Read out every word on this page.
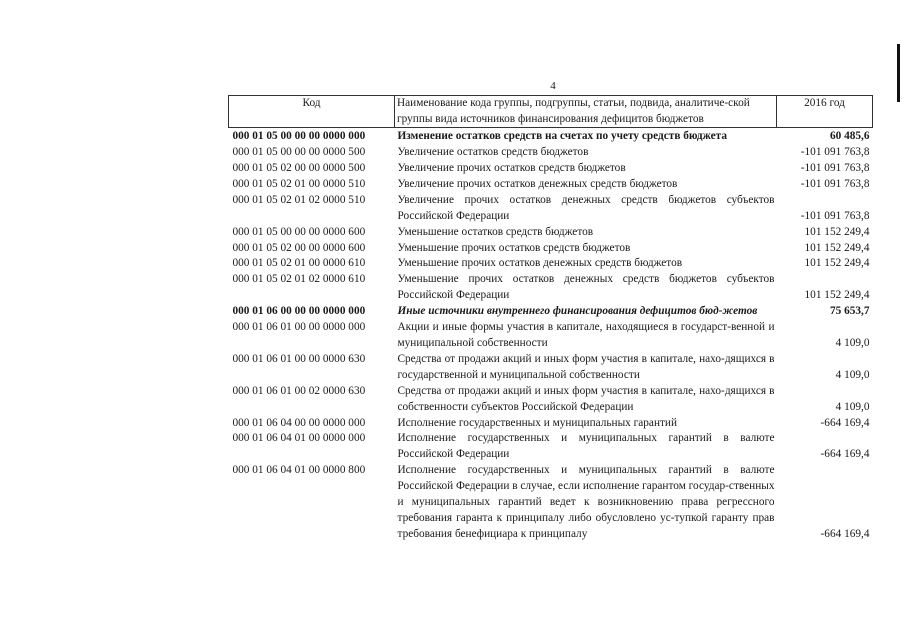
4
Код	Наименование кода группы, подгруппы, статьи, подвида, аналитиче-ской группы вида источников финансирования дефицитов бюджетов	2016 год
000 01 05 00 00 00 0000 000	Изменение остатков средств на счетах по учету средств бюджета	60 485,6
000 01 05 00 00 00 0000 500	Увеличение остатков средств бюджетов	-101 091 763,8
000 01 05 02 00 00 0000 500	Увеличение прочих остатков средств бюджетов	-101 091 763,8
000 01 05 02 01 00 0000 510	Увеличение прочих остатков денежных средств бюджетов	-101 091 763,8
000 01 05 02 01 02 0000 510	Увеличение прочих остатков денежных средств бюджетов субъектов Российской Федерации	-101 091 763,8
000 01 05 00 00 00 0000 600	Уменьшение остатков средств бюджетов	101 152 249,4
000 01 05 02 00 00 0000 600	Уменьшение прочих остатков средств бюджетов	101 152 249,4
000 01 05 02 01 00 0000 610	Уменьшение прочих остатков денежных средств бюджетов	101 152 249,4
000 01 05 02 01 02 0000 610	Уменьшение прочих остатков денежных средств бюджетов субъектов Российской Федерации	101 152 249,4
000 01 06 00 00 00 0000 000	Иные источники внутреннего финансирования дефицитов бюд-жетов	75 653,7
000 01 06 01 00 00 0000 000	Акции и иные формы участия в капитале, находящиеся в государст-венной и муниципальной собственности	4 109,0
000 01 06 01 00 00 0000 630	Средства от продажи акций и иных форм участия в капитале, нахо-дящихся в государственной и муниципальной собственности	4 109,0
000 01 06 01 00 02 0000 630	Средства от продажи акций и иных форм участия в капитале, нахо-дящихся в собственности субъектов Российской Федерации	4 109,0
000 01 06 04 00 00 0000 000	Исполнение государственных и муниципальных гарантий	-664 169,4
000 01 06 04 01 00 0000 000	Исполнение государственных и муниципальных гарантий в валюте Российской Федерации	-664 169,4
000 01 06 04 01 00 0000 800	Исполнение государственных и муниципальных гарантий в валюте Российской Федерации в случае, если исполнение гарантом государ-ственных и муниципальных гарантий ведет к возникновению права регрессного требования гаранта к принципалу либо обусловлено ус-тупкой гаранту прав требования бенефициара к принципалу	-664 169,4
